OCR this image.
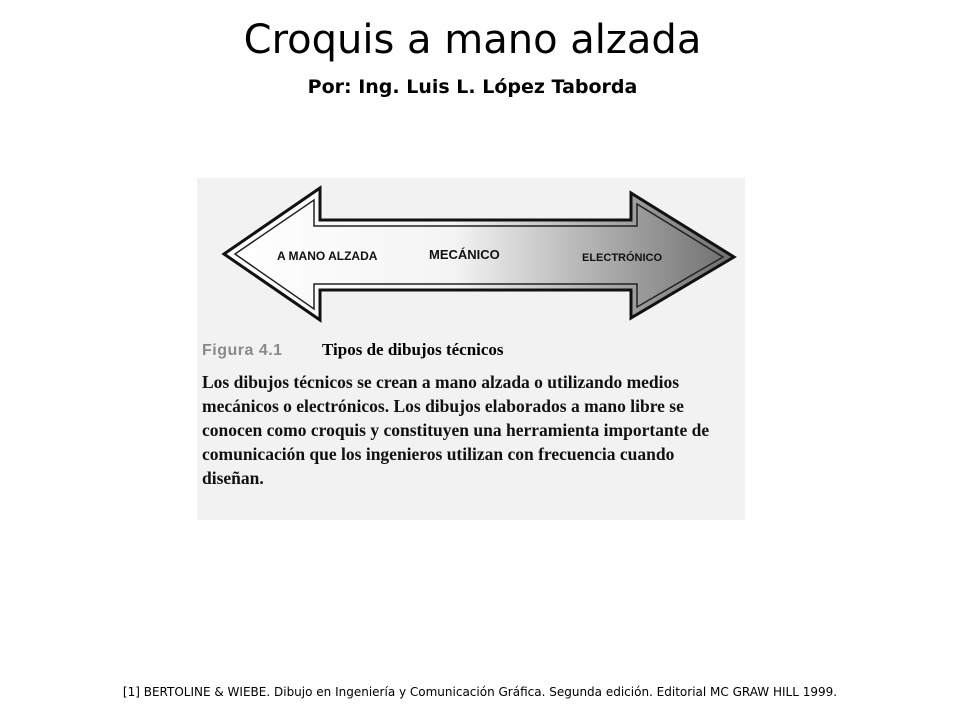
Croquis a mano alzada
Por: Ing. Luis L. López Taborda
A MANO ALZADA	MECÁNICO	ELECTRÓNICO
Figura 4.1	Tipos de dibujos técnicos
Los dibujos técnicos se crean a mano alzada o utilizando medios mecánicos o electrónicos. Los dibujos elaborados a mano libre se conocen como croquis y constituyen una herramienta importante de comunicación que los ingenieros utilizan con frecuencia cuando diseñan.
[1] BERTOLINE & WIEBE. Dibujo en Ingeniería y Comunicación Gráfica. Segunda edición. Editorial MC GRAW HILL 1999.
